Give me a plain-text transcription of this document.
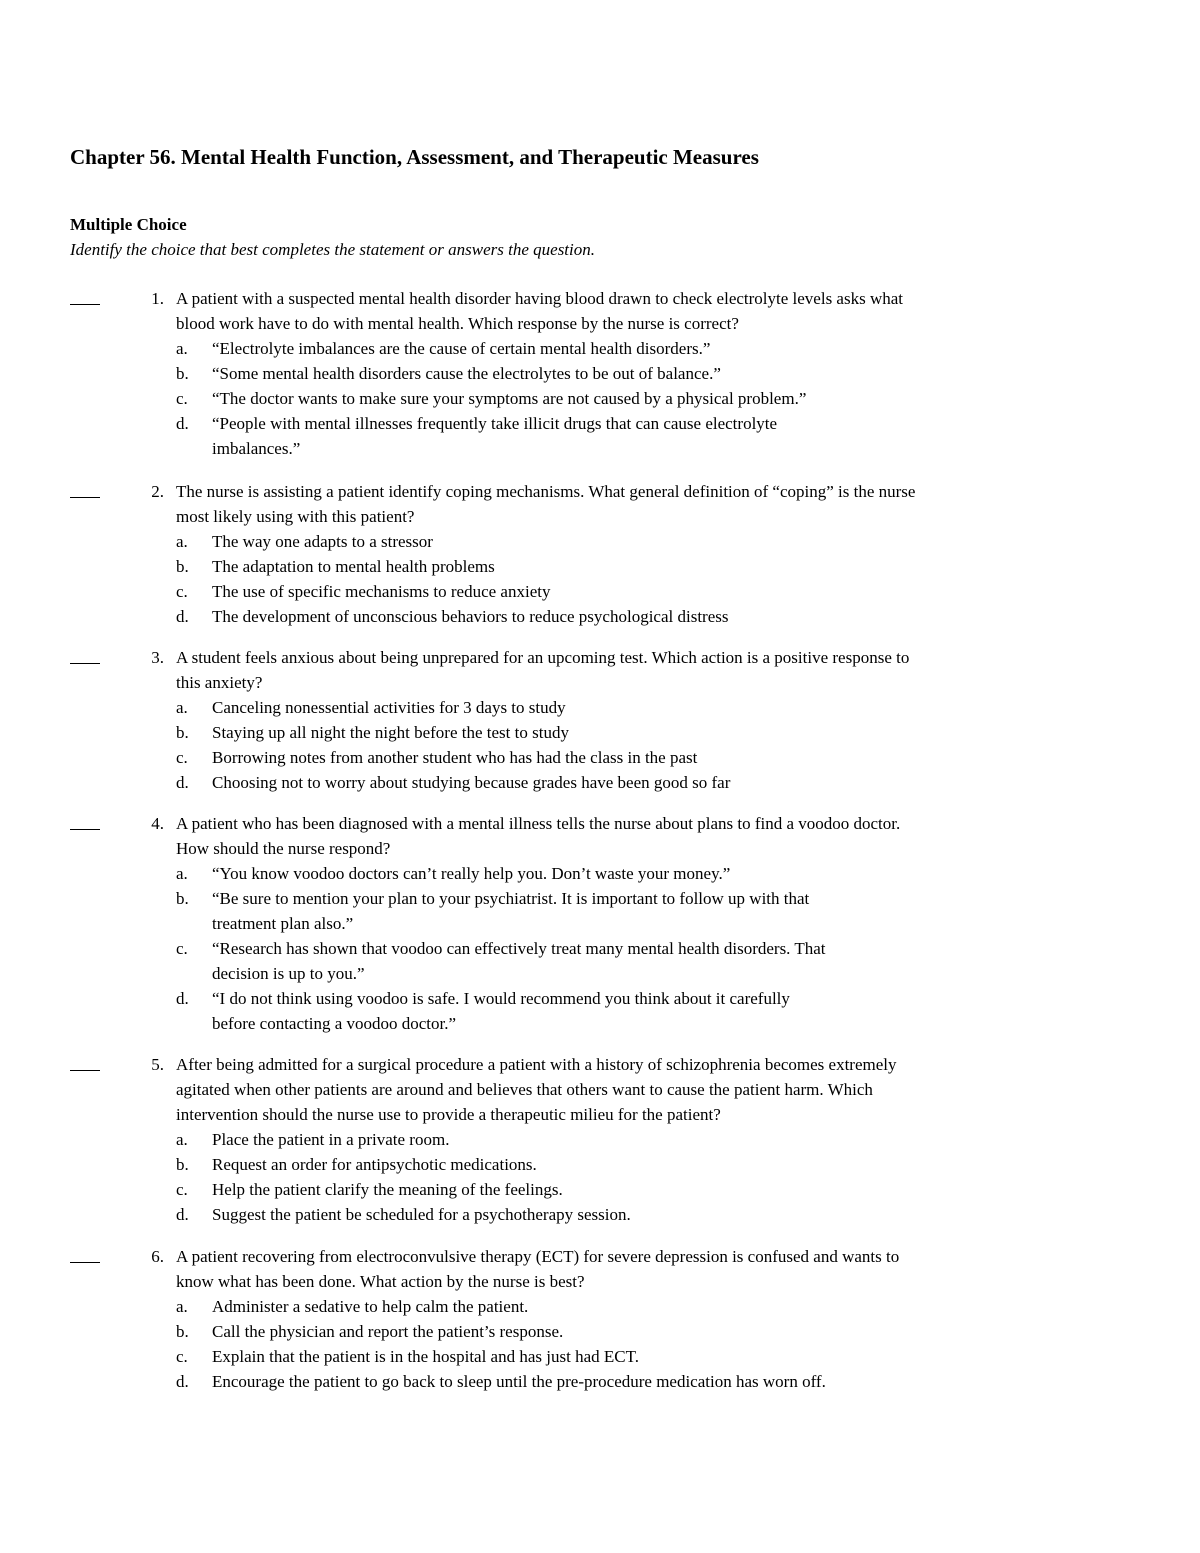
Chapter 56. Mental Health Function, Assessment, and Therapeutic Measures
Multiple Choice

Identify the choice that best completes the statement or answers the question.

1. A patient with a suspected mental health disorder having blood drawn to check electrolyte levels asks what
blood work have to do with mental health. Which response by the nurse is correct?
a. “Electrolyte imbalances are the cause of certain mental health disorders.”
b. “Some mental health disorders cause the electrolytes to be out of balance.”
c. “The doctor wants to make sure your symptoms are not caused by a physical problem.”
d. “People with mental illnesses frequently take illicit drugs that can cause electrolyte
imbalances.”
2. The nurse is assisting a patient identify coping mechanisms. What general definition of “coping” is the nurse
most likely using with this patient?
a. The way one adapts to a stressor
b. The adaptation to mental health problems
c. The use of specific mechanisms to reduce anxiety
d. The development of unconscious behaviors to reduce psychological distress
3. A student feels anxious about being unprepared for an upcoming test. Which action is a positive response to
this anxiety?
a. Canceling nonessential activities for 3 days to study
b. Staying up all night the night before the test to study
c. Borrowing notes from another student who has had the class in the past
d. Choosing not to worry about studying because grades have been good so far
4. A patient who has been diagnosed with a mental illness tells the nurse about plans to find a voodoo doctor.
How should the nurse respond?
a. “You know voodoo doctors can’t really help you. Don’t waste your money.”
b. “Be sure to mention your plan to your psychiatrist. It is important to follow up with that
treatment plan also.”
c. “Research has shown that voodoo can effectively treat many mental health disorders. That
decision is up to you.”
d. “I do not think using voodoo is safe. I would recommend you think about it carefully
before contacting a voodoo doctor.”
5. After being admitted for a surgical procedure a patient with a history of schizophrenia becomes extremely
agitated when other patients are around and believes that others want to cause the patient harm. Which
intervention should the nurse use to provide a therapeutic milieu for the patient?
a. Place the patient in a private room.
b. Request an order for antipsychotic medications.
c. Help the patient clarify the meaning of the feelings.
d. Suggest the patient be scheduled for a psychotherapy session.
6. A patient recovering from electroconvulsive therapy (ECT) for severe depression is confused and wants to
know what has been done. What action by the nurse is best?
a. Administer a sedative to help calm the patient.
b. Call the physician and report the patient’s response.
c. Explain that the patient is in the hospital and has just had ECT.
d. Encourage the patient to go back to sleep until the pre-procedure medication has worn off.
